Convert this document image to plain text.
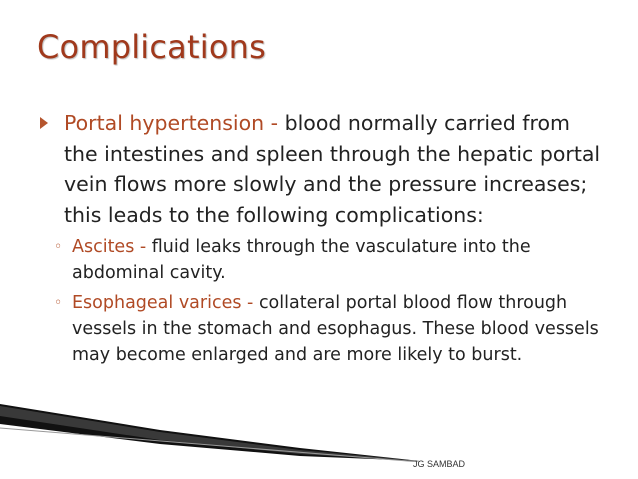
Complications
Portal hypertension - blood normally carried from the intestines and spleen through the hepatic portal vein flows more slowly and the pressure increases; this leads to the following complications:
◦ Ascites - fluid leaks through the vasculature into the abdominal cavity.
◦ Esophageal varices - collateral portal blood flow through vessels in the stomach and esophagus. These blood vessels may become enlarged and are more likely to burst.
JG SAMBAD
